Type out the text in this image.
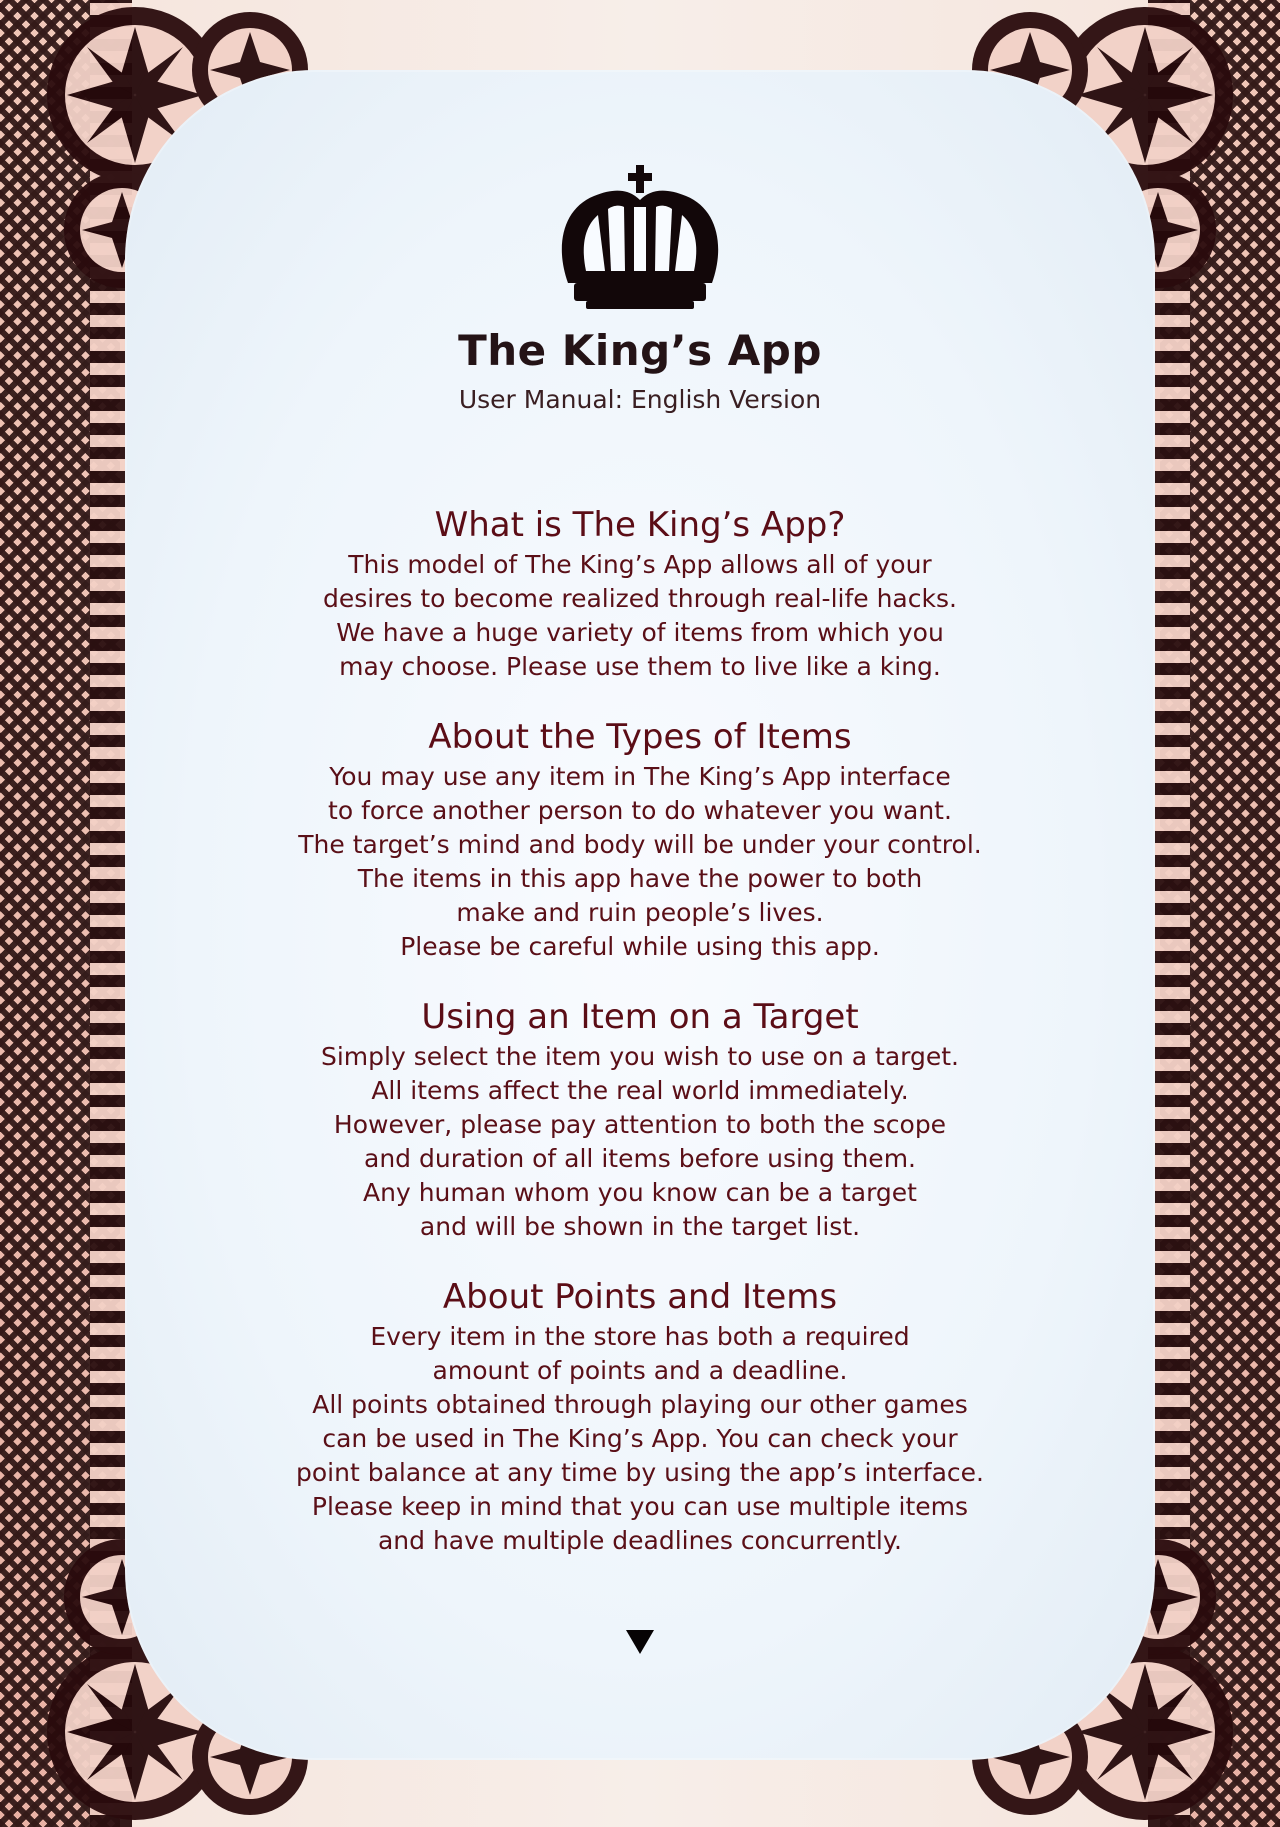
The King’s App
User Manual: English Version
What is The King’s App?
This model of The King’s App allows all of your
desires to become realized through real-life hacks.
We have a huge variety of items from which you
may choose. Please use them to live like a king.
About the Types of Items
You may use any item in The King’s App interface
to force another person to do whatever you want.
The target’s mind and body will be under your control.
The items in this app have the power to both
make and ruin people’s lives.
Please be careful while using this app.
Using an Item on a Target
Simply select the item you wish to use on a target.
All items affect the real world immediately.
However, please pay attention to both the scope
and duration of all items before using them.
Any human whom you know can be a target
and will be shown in the target list.
About Points and Items
Every item in the store has both a required
amount of points and a deadline.
All points obtained through playing our other games
can be used in The King’s App. You can check your
point balance at any time by using the app’s interface.
Please keep in mind that you can use multiple items
and have multiple deadlines concurrently.
